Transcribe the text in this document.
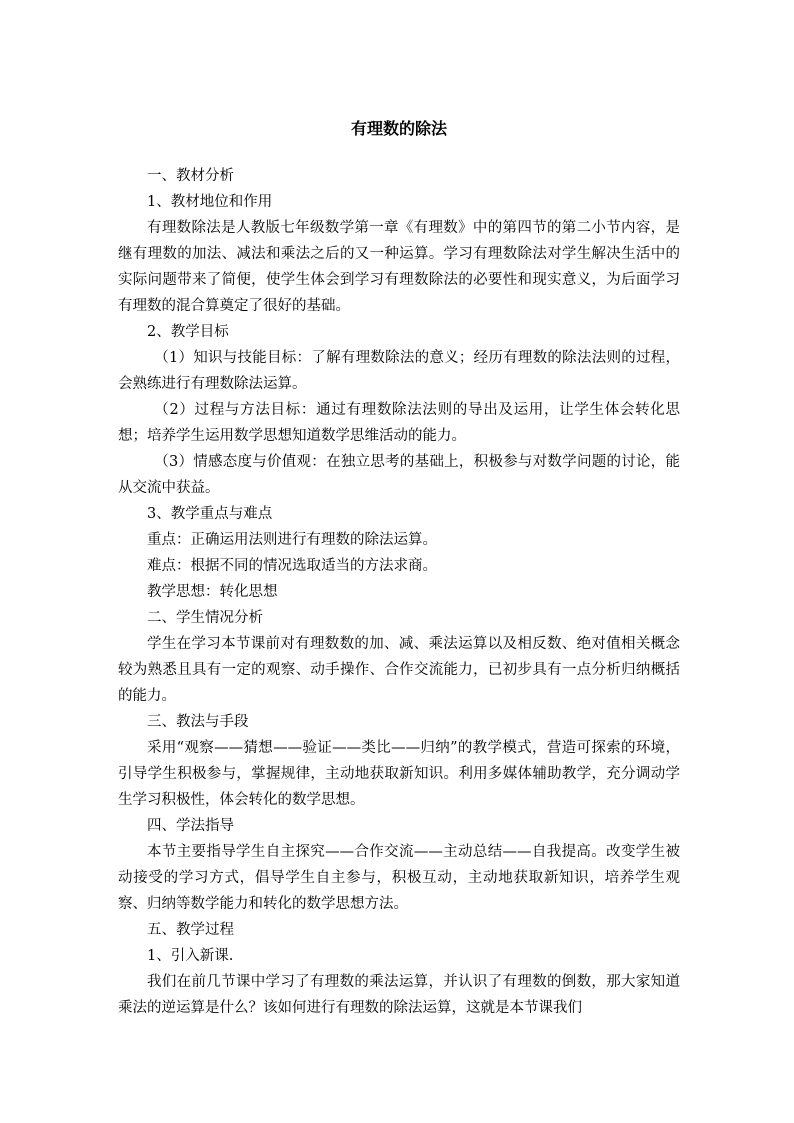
有理数的除法

一、教材分析

1、教材地位和作用

有理数除法是人教版七年级数学第一章《有理数》中的第四节的第二小节内容，是继有理数的加法、减法和乘法之后的又一种运算。学习有理数除法对学生解决生活中的实际问题带来了简便，使学生体会到学习有理数除法的必要性和现实意义，为后面学习有理数的混合算奠定了很好的基础。

2、教学目标

（1）知识与技能目标：了解有理数除法的意义；经历有理数的除法法则的过程，会熟练进行有理数除法运算。

（2）过程与方法目标：通过有理数除法法则的导出及运用，让学生体会转化思想；培养学生运用数学思想知道数学思维活动的能力。

（3）情感态度与价值观：在独立思考的基础上，积极参与对数学问题的讨论，能从交流中获益。

3、教学重点与难点

重点：正确运用法则进行有理数的除法运算。

难点：根据不同的情况选取适当的方法求商。

教学思想：转化思想

二、学生情况分析

学生在学习本节课前对有理数数的加、减、乘法运算以及相反数、绝对值相关概念较为熟悉且具有一定的观察、动手操作、合作交流能力，已初步具有一点分析归纳概括的能力。

三、教法与手段

采用“观察——猜想——验证——类比——归纳”的教学模式，营造可探索的环境，引导学生积极参与，掌握规律，主动地获取新知识。利用多媒体辅助教学，充分调动学生学习积极性，体会转化的数学思想。

四、学法指导

本节主要指导学生自主探究——合作交流——主动总结——自我提高。改变学生被动接受的学习方式，倡导学生自主参与，积极互动，主动地获取新知识，培养学生观察、归纳等数学能力和转化的数学思想方法。

五、教学过程

1、引入新课.

我们在前几节课中学习了有理数的乘法运算，并认识了有理数的倒数，那大家知道乘法的逆运算是什么？该如何进行有理数的除法运算，这就是本节课我们
